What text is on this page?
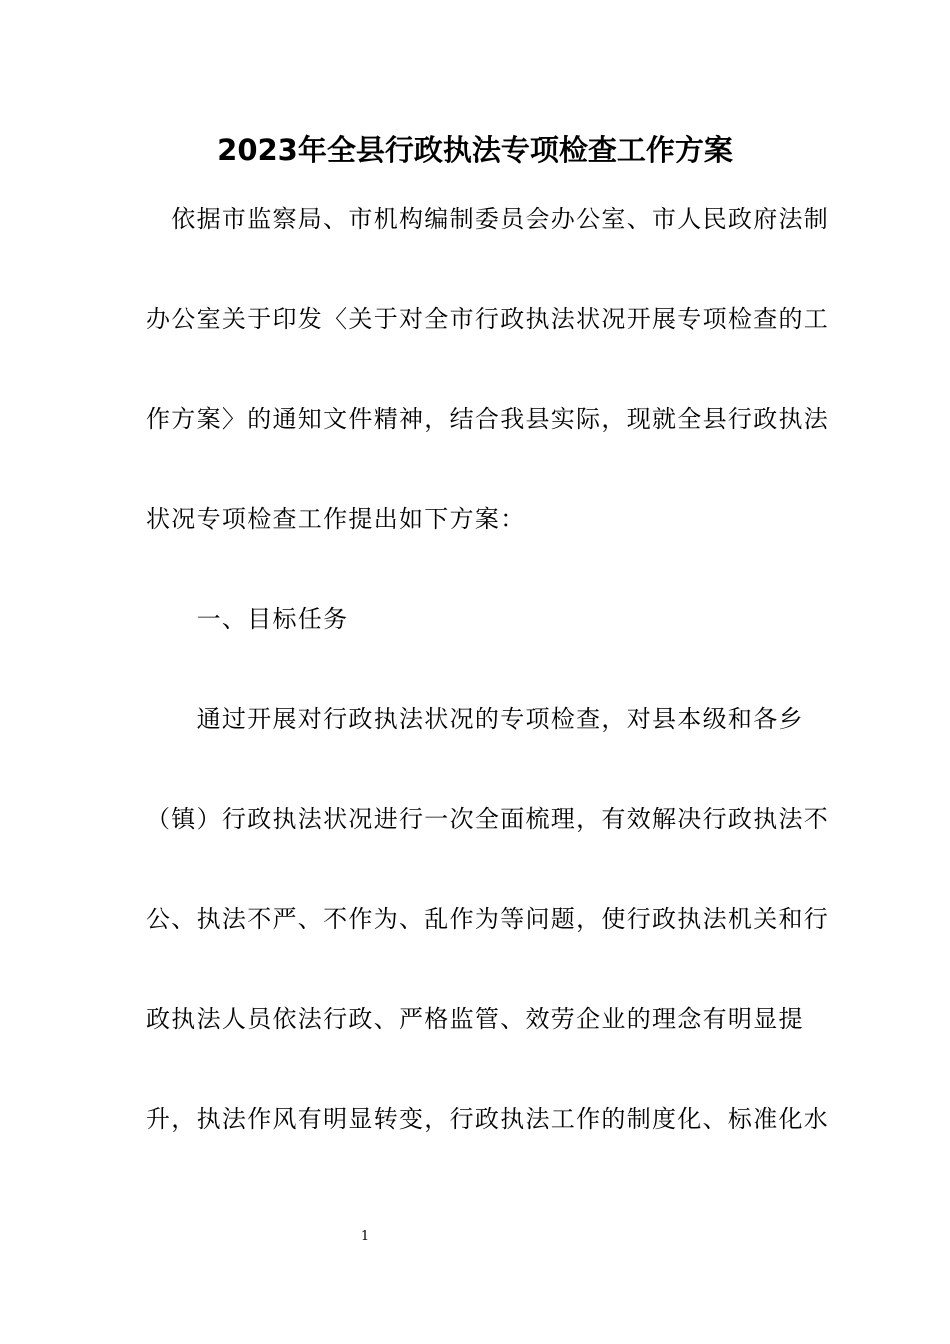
2023年全县行政执法专项检查工作方案

　依据市监察局、市机构编制委员会办公室、市人民政府法制

办公室关于印发〈关于对全市行政执法状况开展专项检查的工

作方案〉的通知文件精神，结合我县实际，现就全县行政执法

状况专项检查工作提出如下方案：

　　一、目标任务

　　通过开展对行政执法状况的专项检查，对县本级和各乡

（镇）行政执法状况进行一次全面梳理，有效解决行政执法不

公、执法不严、不作为、乱作为等问题，使行政执法机关和行

政执法人员依法行政、严格监管、效劳企业的理念有明显提

升，执法作风有明显转变，行政执法工作的制度化、标准化水

1
